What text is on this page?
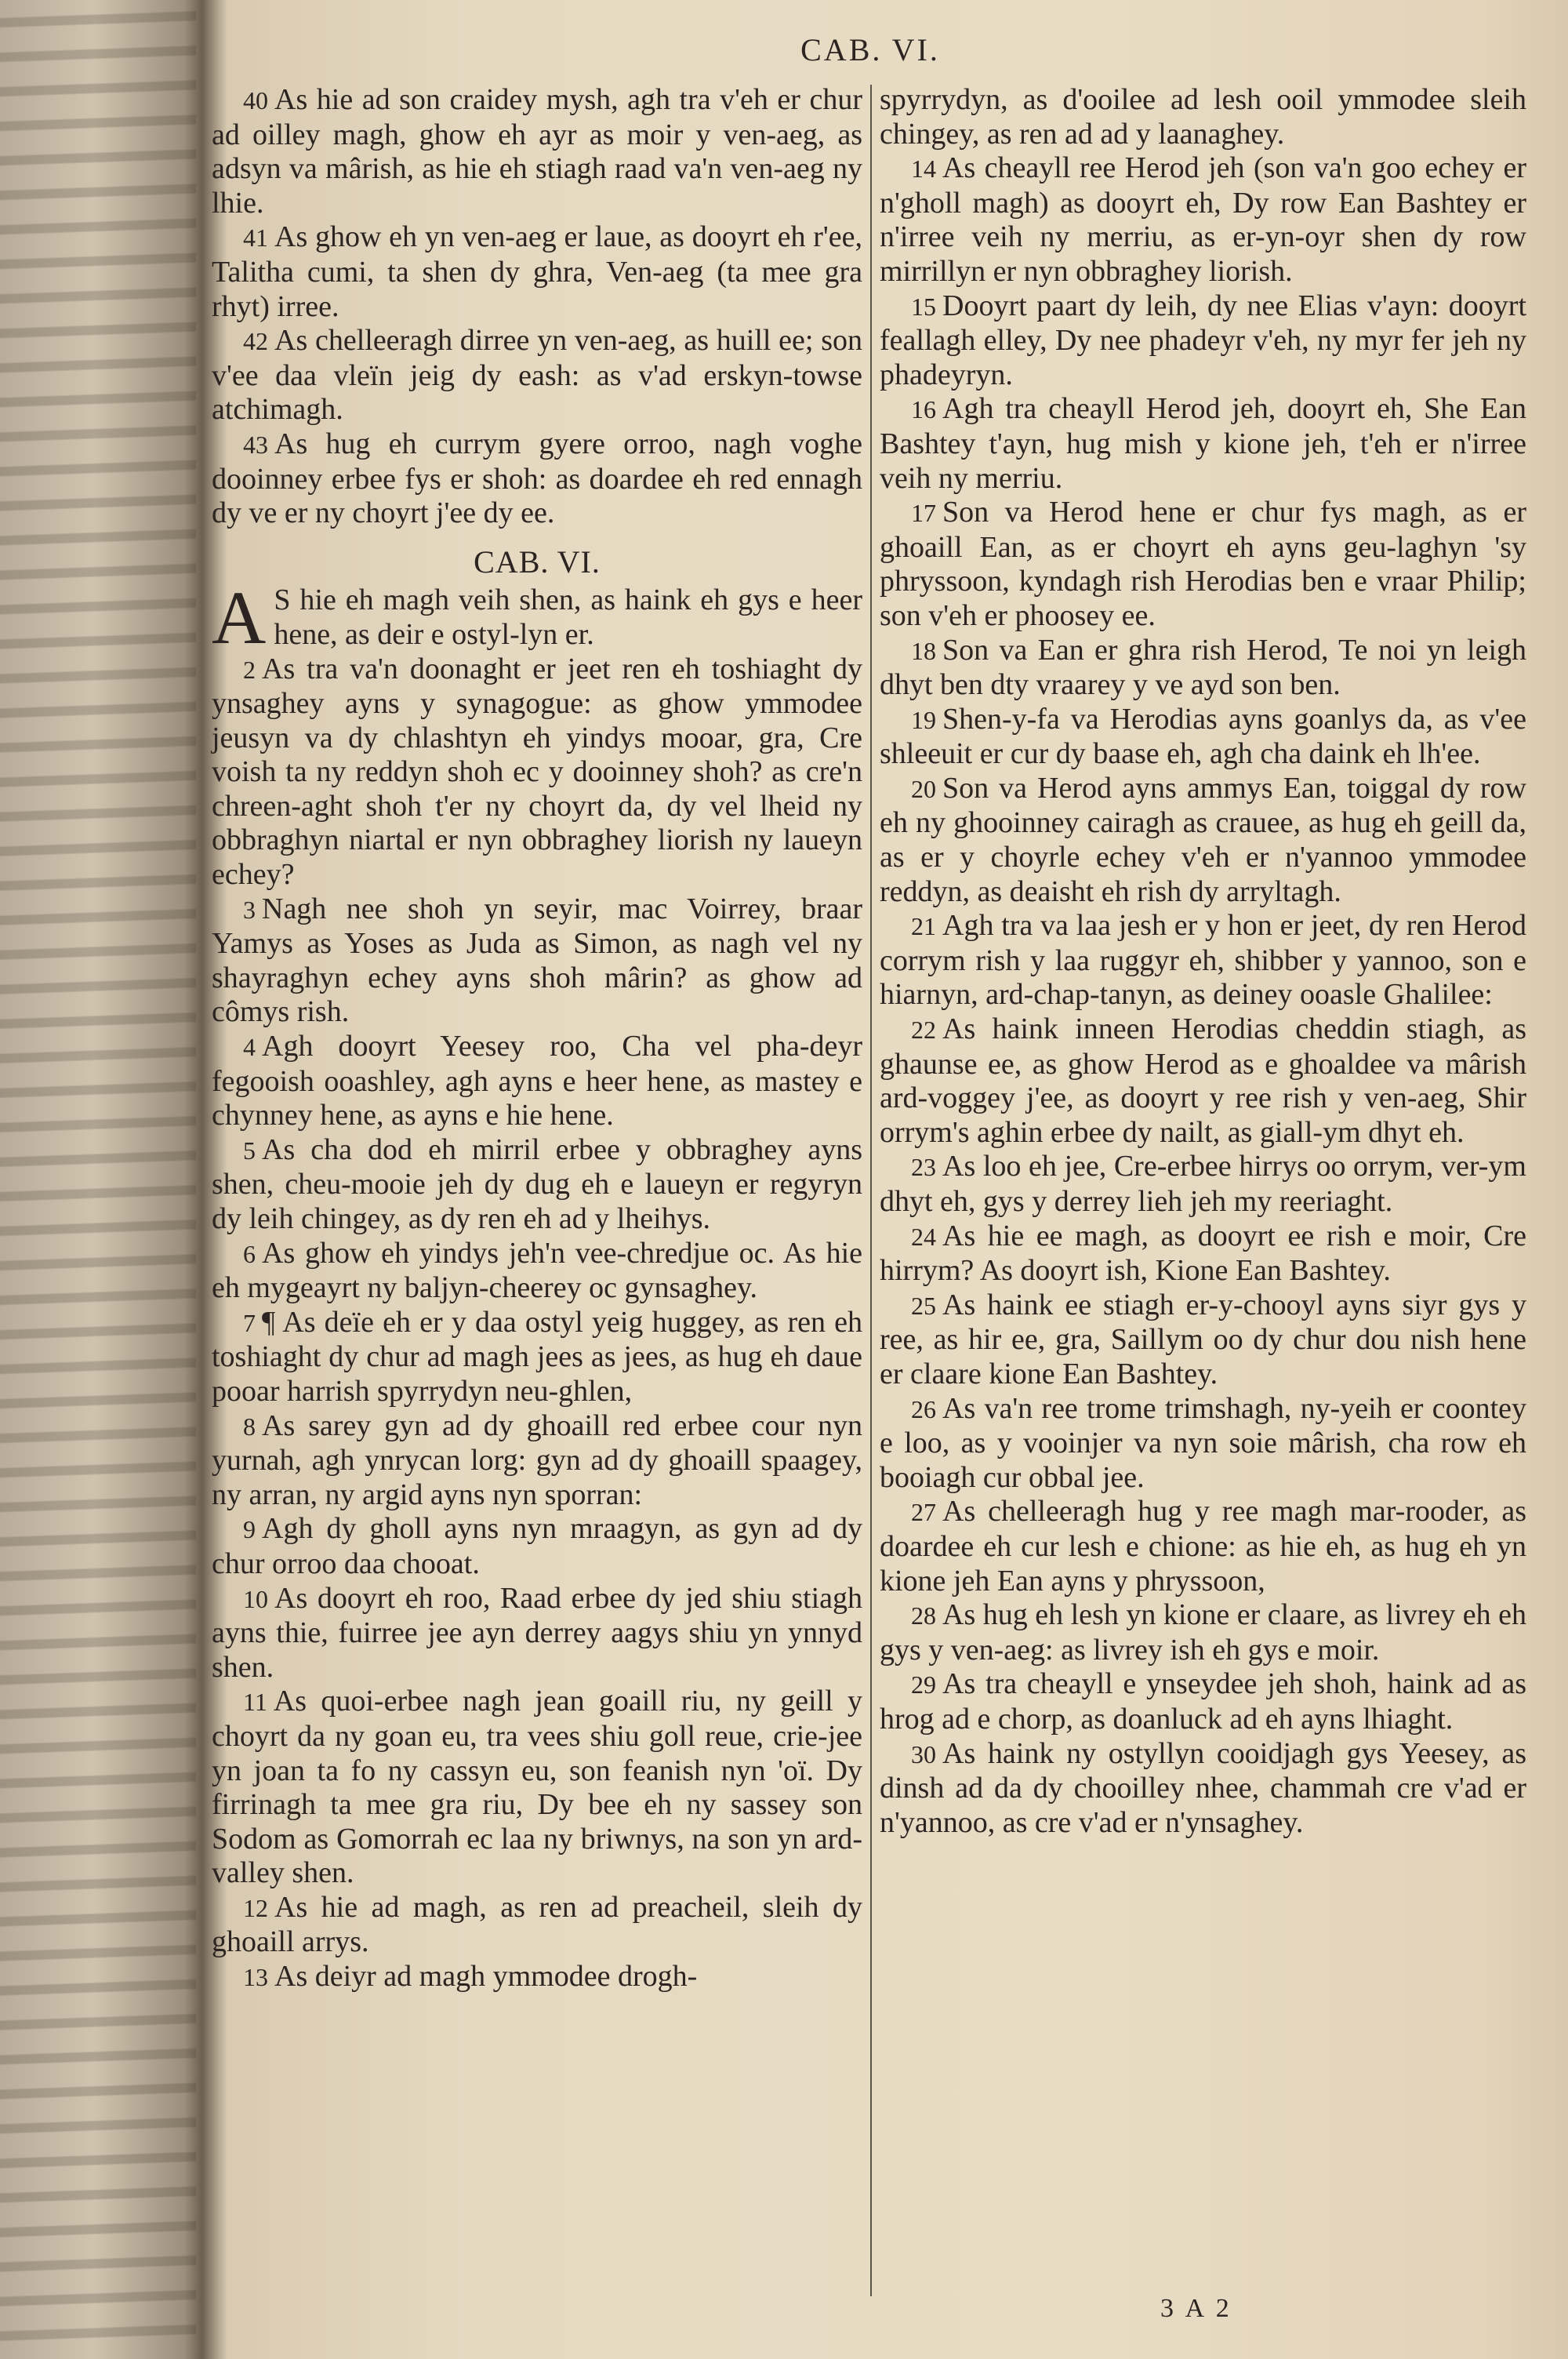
CAB. VI.

40 As hie ad son craidey mysh, agh tra v'eh er chur ad oilley magh, ghow eh ayr as moir y ven-aeg, as adsyn va mârish, as hie eh stiagh raad va'n ven-aeg ny lhie.

41 As ghow eh yn ven-aeg er laue, as dooyrt eh r'ee, Talitha cumi, ta shen dy ghra, Ven-aeg (ta mee gra rhyt) irree.

42 As chelleeragh dirree yn ven-aeg, as huill ee; son v'ee daa vleïn jeig dy eash: as v'ad erskyn-towse atchimagh.

43 As hug eh currym gyere orroo, nagh voghe dooinney erbee fys er shoh: as doardee eh red ennagh dy ve er ny choyrt j'ee dy ee.

CAB. VI.

A S hie eh magh veih shen, as haink eh gys e heer hene, as deir e ostyl-lyn er.

2 As tra va'n doonaght er jeet ren eh toshiaght dy ynsaghey ayns y synagogue: as ghow ymmodee jeusyn va dy chlashtyn eh yindys mooar, gra, Cre voish ta ny reddyn shoh ec y dooinney shoh? as cre'n chreen-aght shoh t'er ny choyrt da, dy vel lheid ny obbraghyn niartal er nyn obbraghey liorish ny laueyn echey?

3 Nagh nee shoh yn seyir, mac Voirrey, braar Yamys as Yoses as Juda as Simon, as nagh vel ny shayraghyn echey ayns shoh mârin? as ghow ad cômys rish.

4 Agh dooyrt Yeesey roo, Cha vel pha-deyr fegooish ooashley, agh ayns e heer hene, as mastey e chynney hene, as ayns e hie hene.

5 As cha dod eh mirril erbee y obbraghey ayns shen, cheu-mooie jeh dy dug eh e laueyn er regyryn dy leih chingey, as dy ren eh ad y lheihys.

6 As ghow eh yindys jeh'n vee-chredjue oc. As hie eh mygeayrt ny baljyn-cheerey oc gynsaghey.

7 ¶ As deïe eh er y daa ostyl yeig huggey, as ren eh toshiaght dy chur ad magh jees as jees, as hug eh daue pooar harrish spyrrydyn neu-ghlen,

8 As sarey gyn ad dy ghoaill red erbee cour nyn yurnah, agh ynrycan lorg: gyn ad dy ghoaill spaagey, ny arran, ny argid ayns nyn sporran:

9 Agh dy gholl ayns nyn mraagyn, as gyn ad dy chur orroo daa chooat.

10 As dooyrt eh roo, Raad erbee dy jed shiu stiagh ayns thie, fuirree jee ayn derrey aagys shiu yn ynnyd shen.

11 As quoi-erbee nagh jean goaill riu, ny geill y choyrt da ny goan eu, tra vees shiu goll reue, crie-jee yn joan ta fo ny cassyn eu, son feanish nyn 'oï. Dy firrinagh ta mee gra riu, Dy bee eh ny sassey son Sodom as Gomorrah ec laa ny briwnys, na son yn ard-valley shen.

12 As hie ad magh, as ren ad preacheil, sleih dy ghoaill arrys.

13 As deiyr ad magh ymmodee drogh-

spyrrydyn, as d'ooilee ad lesh ooil ymmodee sleih chingey, as ren ad ad y laanaghey.

14 As cheayll ree Herod jeh (son va'n goo echey er n'gholl magh) as dooyrt eh, Dy row Ean Bashtey er n'irree veih ny merriu, as er-yn-oyr shen dy row mirrillyn er nyn obbraghey liorish.

15 Dooyrt paart dy leih, dy nee Elias v'ayn: dooyrt feallagh elley, Dy nee phadeyr v'eh, ny myr fer jeh ny phadeyryn.

16 Agh tra cheayll Herod jeh, dooyrt eh, She Ean Bashtey t'ayn, hug mish y kione jeh, t'eh er n'irree veih ny merriu.

17 Son va Herod hene er chur fys magh, as er ghoaill Ean, as er choyrt eh ayns geu-laghyn 'sy phryssoon, kyndagh rish Herodias ben e vraar Philip; son v'eh er phoosey ee.

18 Son va Ean er ghra rish Herod, Te noi yn leigh dhyt ben dty vraarey y ve ayd son ben.

19 Shen-y-fa va Herodias ayns goanlys da, as v'ee shleeuit er cur dy baase eh, agh cha daink eh lh'ee.

20 Son va Herod ayns ammys Ean, toiggal dy row eh ny ghooinney cairagh as crauee, as hug eh geill da, as er y choyrle echey v'eh er n'yannoo ymmodee reddyn, as deaisht eh rish dy arryltagh.

21 Agh tra va laa jesh er y hon er jeet, dy ren Herod corrym rish y laa ruggyr eh, shibber y yannoo, son e hiarnyn, ard-chap-tanyn, as deiney ooasle Ghalilee:

22 As haink inneen Herodias cheddin stiagh, as ghaunse ee, as ghow Herod as e ghoaldee va mârish ard-voggey j'ee, as dooyrt y ree rish y ven-aeg, Shir orrym's aghin erbee dy nailt, as giall-ym dhyt eh.

23 As loo eh jee, Cre-erbee hirrys oo orrym, ver-ym dhyt eh, gys y derrey lieh jeh my reeriaght.

24 As hie ee magh, as dooyrt ee rish e moir, Cre hirrym? As dooyrt ish, Kione Ean Bashtey.

25 As haink ee stiagh er-y-chooyl ayns siyr gys y ree, as hir ee, gra, Saillym oo dy chur dou nish hene er claare kione Ean Bashtey.

26 As va'n ree trome trimshagh, ny-yeih er coontey e loo, as y vooinjer va nyn soie mârish, cha row eh booiagh cur obbal jee.

27 As chelleeragh hug y ree magh mar-rooder, as doardee eh cur lesh e chione: as hie eh, as hug eh yn kione jeh Ean ayns y phryssoon,

28 As hug eh lesh yn kione er claare, as livrey eh eh gys y ven-aeg: as livrey ish eh gys e moir.

29 As tra cheayll e ynseydee jeh shoh, haink ad as hrog ad e chorp, as doanluck ad eh ayns lhiaght.

30 As haink ny ostyllyn cooidjagh gys Yeesey, as dinsh ad da dy chooilley nhee, chammah cre v'ad er n'yannoo, as cre v'ad er n'ynsaghey.

3 A 2
